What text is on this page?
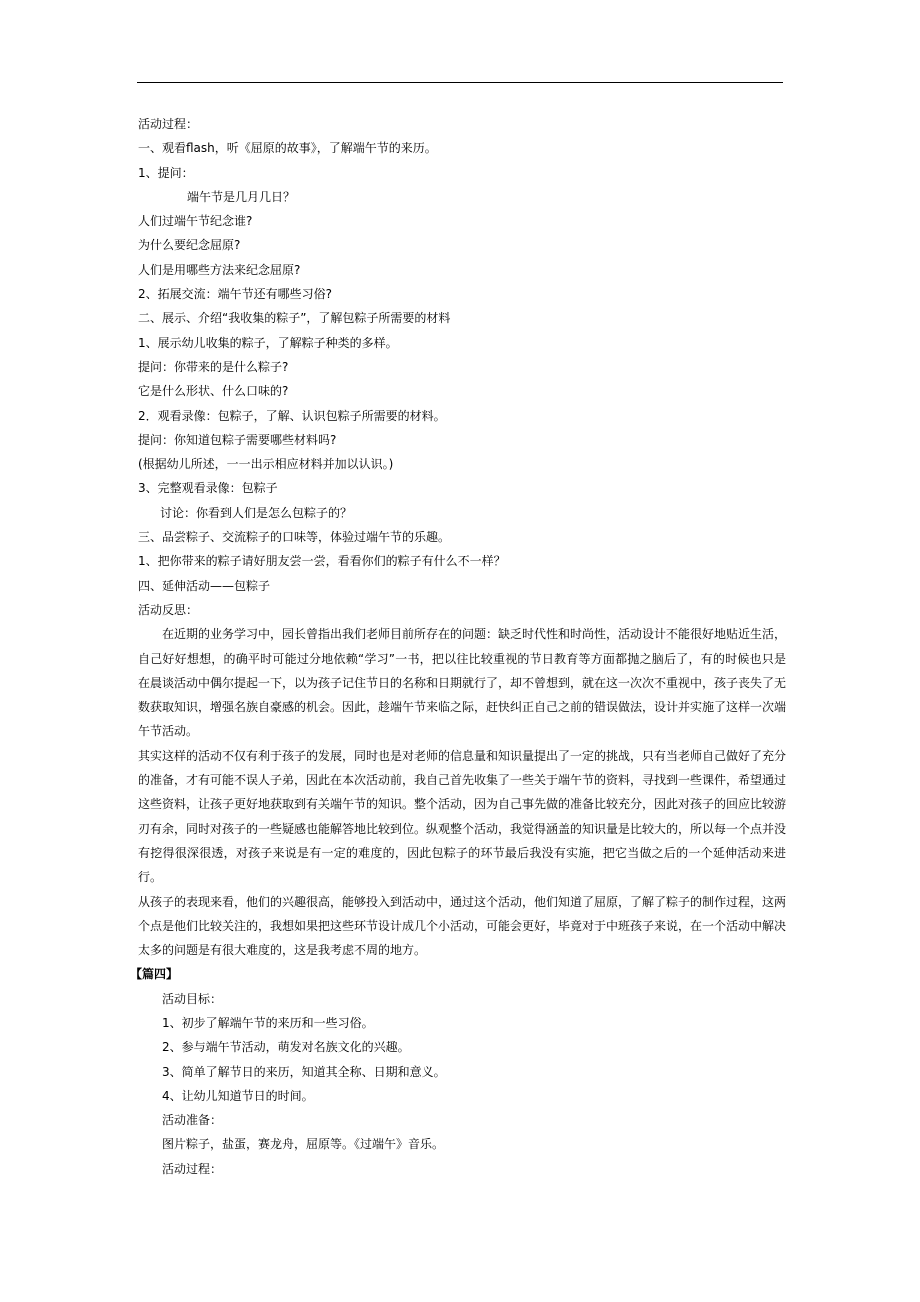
活动过程：
一、观看flash，听《屈原的故事》，了解端午节的来历。
1、提问：
端午节是几月几日？
人们过端午节纪念谁?
为什么要纪念屈原?
人们是用哪些方法来纪念屈原?
2、拓展交流：端午节还有哪些习俗?
二、展示、介绍“我收集的粽子”，了解包粽子所需要的材料
1、展示幼儿收集的粽子，了解粽子种类的多样。
提问：你带来的是什么粽子?
它是什么形状、什么口味的?
2．观看录像：包粽子，了解、认识包粽子所需要的材料。
提问：你知道包粽子需要哪些材料吗?
(根据幼儿所述，一一出示相应材料并加以认识。)
3、完整观看录像：包粽子
讨论：你看到人们是怎么包粽子的？
三、品尝粽子、交流粽子的口味等，体验过端午节的乐趣。
1、把你带来的粽子请好朋友尝一尝，看看你们的粽子有什么不一样？
四、延伸活动——包粽子
活动反思：
在近期的业务学习中，园长曾指出我们老师目前所存在的问题：缺乏时代性和时尚性，活动设计不能很好地贴近生活，自己好好想想，的确平时可能过分地依赖“学习”一书，把以往比较重视的节日教育等方面都抛之脑后了，有的时候也只是在晨谈活动中偶尔提起一下，以为孩子记住节日的名称和日期就行了，却不曾想到，就在这一次次不重视中，孩子丧失了无数获取知识，增强名族自豪感的机会。因此，趁端午节来临之际，赶快纠正自己之前的错误做法，设计并实施了这样一次端午节活动。
其实这样的活动不仅有利于孩子的发展，同时也是对老师的信息量和知识量提出了一定的挑战，只有当老师自己做好了充分的准备，才有可能不误人子弟，因此在本次活动前，我自己首先收集了一些关于端午节的资料，寻找到一些课件，希望通过这些资料，让孩子更好地获取到有关端午节的知识。整个活动，因为自己事先做的准备比较充分，因此对孩子的回应比较游刃有余，同时对孩子的一些疑感也能解答地比较到位。纵观整个活动，我觉得涵盖的知识量是比较大的，所以每一个点并没有挖得很深很透，对孩子来说是有一定的难度的，因此包粽子的环节最后我没有实施，把它当做之后的一个延伸活动来进行。
从孩子的表现来看，他们的兴趣很高，能够投入到活动中，通过这个活动，他们知道了屈原，了解了粽子的制作过程，这两个点是他们比较关注的，我想如果把这些环节设计成几个小活动，可能会更好，毕竟对于中班孩子来说，在一个活动中解决太多的问题是有很大难度的，这是我考虑不周的地方。
【篇四】
活动目标：
1、初步了解端午节的来历和一些习俗。
2、参与端午节活动，萌发对名族文化的兴趣。
3、简单了解节日的来历，知道其全称、日期和意义。
4、让幼儿知道节日的时间。
活动准备：
图片粽子，盐蛋，赛龙舟，屈原等。《过端午》音乐。
活动过程：
